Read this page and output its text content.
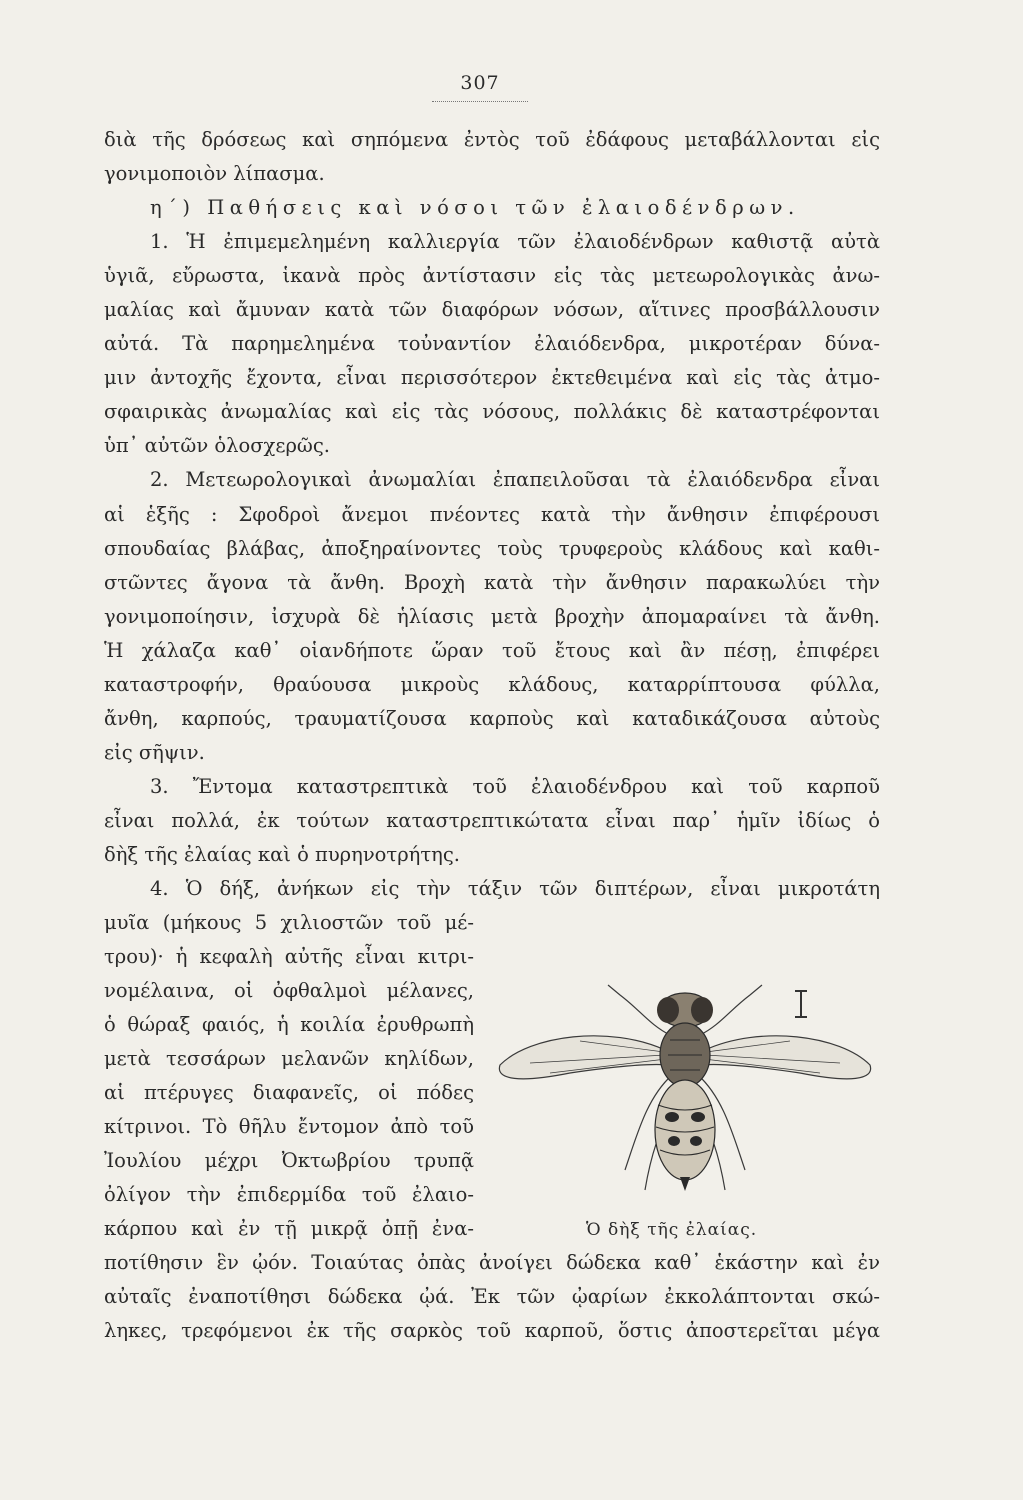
307
διὰ τῆς δρόσεως καὶ σηπόμενα ἐντὸς τοῦ ἐδάφους μεταβάλλονται εἰς
γονιμοποιὸν λίπασμα.
η΄) Παθήσεις καὶ νόσοι τῶν ἐλαιοδένδρων.
1. Ἡ ἐπιμεμελημένη καλλιεργία τῶν ἐλαιοδένδρων καθιστᾷ αὐτὰ
ὑγιᾶ, εὔρωστα, ἱκανὰ πρὸς ἀντίστασιν εἰς τὰς μετεωρολογικὰς ἀνω-
μαλίας καὶ ἄμυναν κατὰ τῶν διαφόρων νόσων, αἵτινες προσβάλλουσιν
αὐτά. Τὰ παρημελημένα τοὐναντίον ἐλαιόδενδρα, μικροτέραν δύνα-
μιν ἀντοχῆς ἔχοντα, εἶναι περισσότερον ἐκτεθειμένα καὶ εἰς τὰς ἀτμο-
σφαιρικὰς ἀνωμαλίας καὶ εἰς τὰς νόσους, πολλάκις δὲ καταστρέφονται
ὑπ᾽ αὐτῶν ὁλοσχερῶς.
2. Μετεωρολογικαὶ ἀνωμαλίαι ἐπαπειλοῦσαι τὰ ἐλαιόδενδρα εἶναι
αἱ ἑξῆς : Σφοδροὶ ἄνεμοι πνέοντες κατὰ τὴν ἄνθησιν ἐπιφέρουσι
σπουδαίας βλάβας, ἀποξηραίνοντες τοὺς τρυφεροὺς κλάδους καὶ καθι-
στῶντες ἄγονα τὰ ἄνθη. Βροχὴ κατὰ τὴν ἄνθησιν παρακωλύει τὴν
γονιμοποίησιν, ἰσχυρὰ δὲ ἡλίασις μετὰ βροχὴν ἀπομαραίνει τὰ ἄνθη.
Ἡ χάλαζα καθ᾽ οἱανδήποτε ὥραν τοῦ ἔτους καὶ ἂν πέσῃ, ἐπιφέρει
καταστροφήν, θραύουσα μικροὺς κλάδους, καταρρίπτουσα φύλλα,
ἄνθη, καρπούς, τραυματίζουσα καρποὺς καὶ καταδικάζουσα αὐτοὺς
εἰς σῆψιν.
3. Ἔντομα καταστρεπτικὰ τοῦ ἐλαιοδένδρου καὶ τοῦ καρποῦ
εἶναι πολλά, ἐκ τούτων καταστρεπτικώτατα εἶναι παρ᾽ ἡμῖν ἰδίως ὁ
δὴξ τῆς ἐλαίας καὶ ὁ πυρηνοτρήτης.
4. Ὁ δήξ, ἀνήκων εἰς τὴν τάξιν τῶν διπτέρων, εἶναι μικροτάτη
μυῖα (μήκους 5 χιλιοστῶν τοῦ μέ-
τρου)· ἡ κεφαλὴ αὐτῆς εἶναι κιτρι-
νομέλαινα, οἱ ὀφθαλμοὶ μέλανες,
ὁ θώραξ φαιός, ἡ κοιλία ἐρυθρωπὴ
μετὰ τεσσάρων μελανῶν κηλίδων,
αἱ πτέρυγες διαφανεῖς, οἱ πόδες
κίτρινοι. Τὸ θῆλυ ἔντομον ἀπὸ τοῦ
Ἰουλίου μέχρι Ὀκτωβρίου τρυπᾷ
ὀλίγον τὴν ἐπιδερμίδα τοῦ ἐλαιο-
κάρπου καὶ ἐν τῇ μικρᾷ ὀπῇ ἐνα-
ποτίθησιν ἓν ᾠόν. Τοιαύτας ὀπὰς ἀνοίγει δώδεκα καθ᾽ ἑκάστην καὶ ἐν
αὐταῖς ἐναποτίθησι δώδεκα ᾠά. Ἐκ τῶν ᾠαρίων ἐκκολάπτονται σκώ-
ληκες, τρεφόμενοι ἐκ τῆς σαρκὸς τοῦ καρποῦ, ὅστις ἀποστερεῖται μέγα
Ὁ δὴξ τῆς ἐλαίας.
